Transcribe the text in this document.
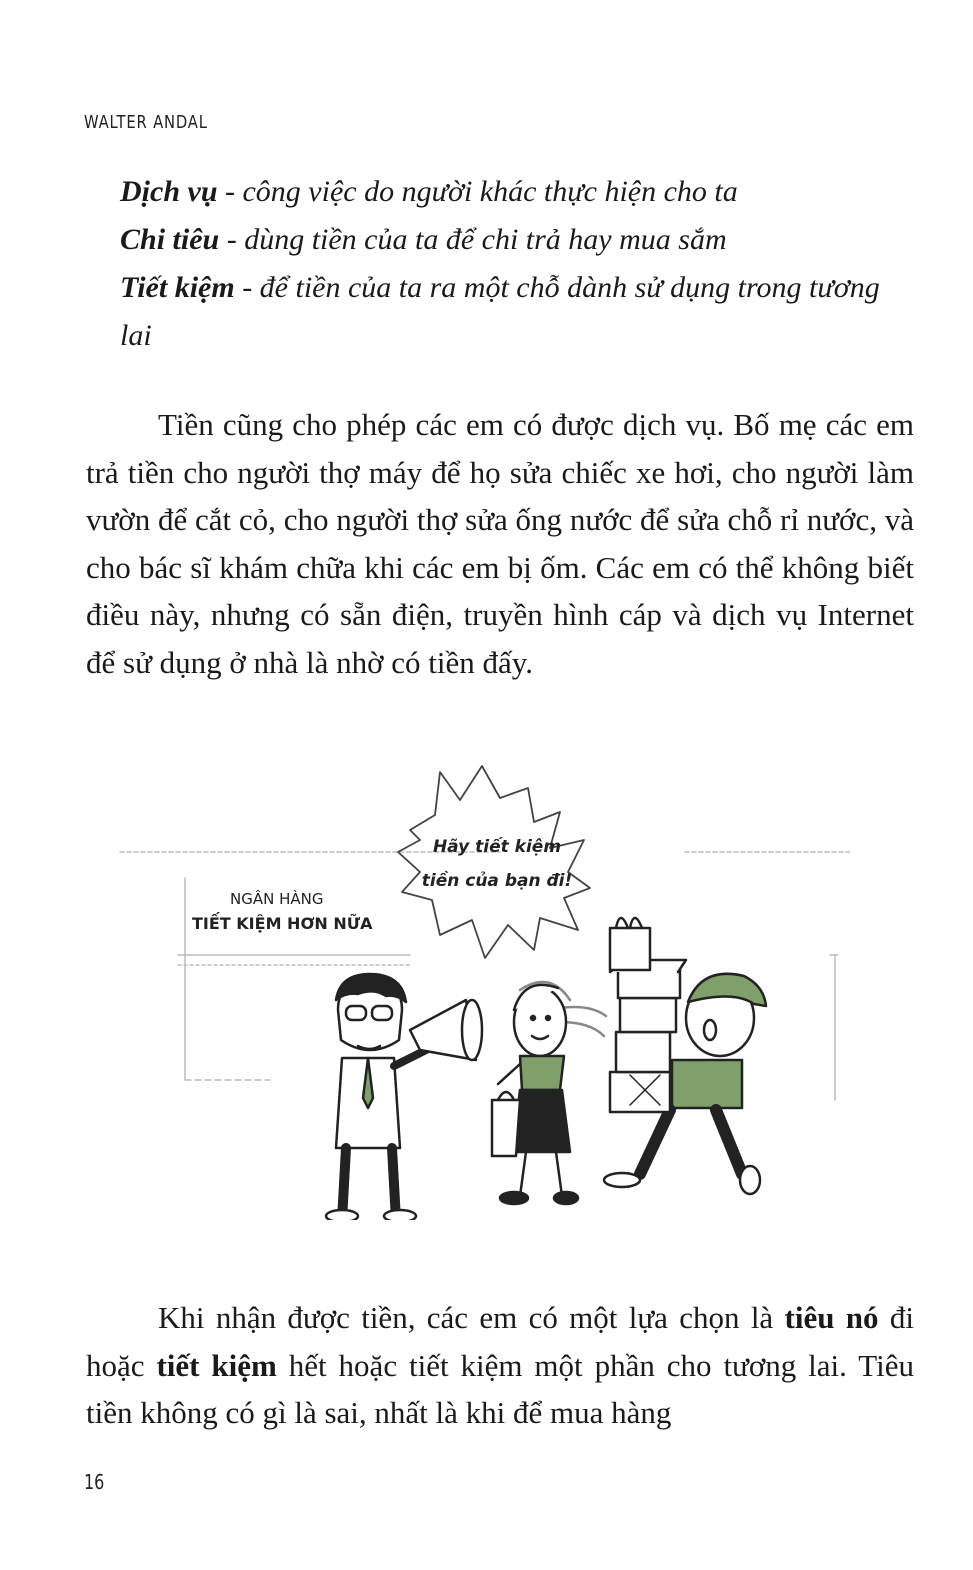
WALTER ANDAL

Dịch vụ - công việc do người khác thực hiện cho ta

Chi tiêu - dùng tiền của ta để chi trả hay mua sắm

Tiết kiệm - để tiền của ta ra một chỗ dành sử dụng trong tương lai

Tiền cũng cho phép các em có được dịch vụ. Bố mẹ các em trả tiền cho người thợ máy để họ sửa chiếc xe hơi, cho người làm vườn để cắt cỏ, cho người thợ sửa ống nước để sửa chỗ rỉ nước, và cho bác sĩ khám chữa khi các em bị ốm. Các em có thể không biết điều này, nhưng có sẵn điện, truyền hình cáp và dịch vụ Internet để sử dụng ở nhà là nhờ có tiền đấy.

NGÂN HÀNG
TIẾT KIỆM HƠN NỮA
Hãy tiết kiệm
tiền của bạn đi!

Khi nhận được tiền, các em có một lựa chọn là tiêu nó đi hoặc tiết kiệm hết hoặc tiết kiệm một phần cho tương lai. Tiêu tiền không có gì là sai, nhất là khi để mua hàng

16
